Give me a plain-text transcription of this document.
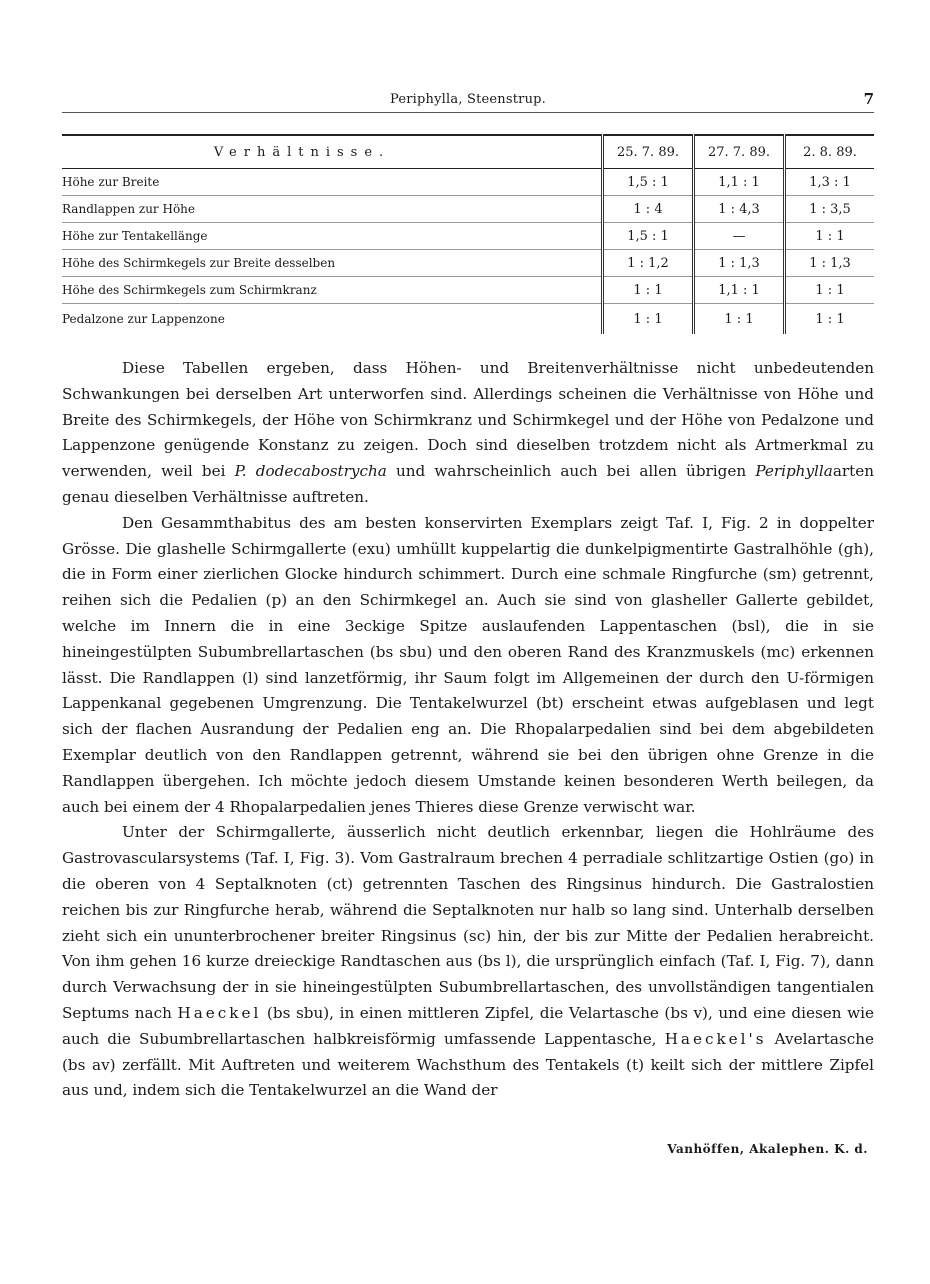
Periphylla, Steenstrup.	7
Verhältnisse.	25. 7. 89.	27. 7. 89.	2. 8. 89.
Höhe zur Breite	1,5 : 1	1,1 : 1	1,3 : 1
Randlappen zur Höhe	1 : 4	1 : 4,3	1 : 3,5
Höhe zur Tentakellänge	1,5 : 1	—	1 : 1
Höhe des Schirmkegels zur Breite desselben	1 : 1,2	1 : 1,3	1 : 1,3
Höhe des Schirmkegels zum Schirmkranz	1 : 1	1,1 : 1	1 : 1
Pedalzone zur Lappenzone	1 : 1	1 : 1	1 : 1

Diese Tabellen ergeben, dass Höhen- und Breitenverhältnisse nicht unbedeutenden Schwankungen bei derselben Art unterworfen sind. Allerdings scheinen die Verhältnisse von Höhe und Breite des Schirmkegels, der Höhe von Schirmkranz und Schirmkegel und der Höhe von Pedalzone und Lappenzone genügende Konstanz zu zeigen. Doch sind dieselben trotzdem nicht als Artmerkmal zu verwenden, weil bei P. dodecabostrycha und wahrscheinlich auch bei allen übrigen Periphyllaarten genau dieselben Verhältnisse auftreten.

Den Gesammthabitus des am besten konservirten Exemplars zeigt Taf. I, Fig. 2 in doppelter Grösse. Die glashelle Schirmgallerte (exu) umhüllt kuppelartig die dunkelpigmentirte Gastralhöhle (gh), die in Form einer zierlichen Glocke hindurch schimmert. Durch eine schmale Ringfurche (sm) getrennt, reihen sich die Pedalien (p) an den Schirmkegel an. Auch sie sind von glasheller Gallerte gebildet, welche im Innern die in eine 3eckige Spitze auslaufenden Lappentaschen (bsl), die in sie hineingestülpten Subumbrellartaschen (bs sbu) und den oberen Rand des Kranzmuskels (mc) erkennen lässt. Die Randlappen (l) sind lanzetförmig, ihr Saum folgt im Allgemeinen der durch den U-förmigen Lappenkanal gegebenen Umgrenzung. Die Tentakelwurzel (bt) erscheint etwas aufgeblasen und legt sich der flachen Ausrandung der Pedalien eng an. Die Rhopalarpedalien sind bei dem abgebildeten Exemplar deutlich von den Randlappen getrennt, während sie bei den übrigen ohne Grenze in die Randlappen übergehen. Ich möchte jedoch diesem Umstande keinen besonderen Werth beilegen, da auch bei einem der 4 Rhopalarpedalien jenes Thieres diese Grenze verwischt war.

Unter der Schirmgallerte, äusserlich nicht deutlich erkennbar, liegen die Hohlräume des Gastrovascularsystems (Taf. I, Fig. 3). Vom Gastralraum brechen 4 perradiale schlitzartige Ostien (go) in die oberen von 4 Septalknoten (ct) getrennten Taschen des Ringsinus hindurch. Die Gastralostien reichen bis zur Ringfurche herab, während die Septalknoten nur halb so lang sind. Unterhalb derselben zieht sich ein ununterbrochener breiter Ringsinus (sc) hin, der bis zur Mitte der Pedalien herabreicht. Von ihm gehen 16 kurze dreieckige Randtaschen aus (bs l), die ursprünglich einfach (Taf. I, Fig. 7), dann durch Verwachsung der in sie hineingestülpten Subumbrellartaschen, des unvollständigen tangentialen Septums nach Haeckel (bs sbu), in einen mittleren Zipfel, die Velartasche (bs v), und eine diesen wie auch die Subumbrellartaschen halbkreisförmig umfassende Lappentasche, Haeckel's Avelartasche (bs av) zerfällt. Mit Auftreten und weiterem Wachsthum des Tentakels (t) keilt sich der mittlere Zipfel aus und, indem sich die Tentakelwurzel an die Wand der

Vanhöffen, Akalephen. K. d.
